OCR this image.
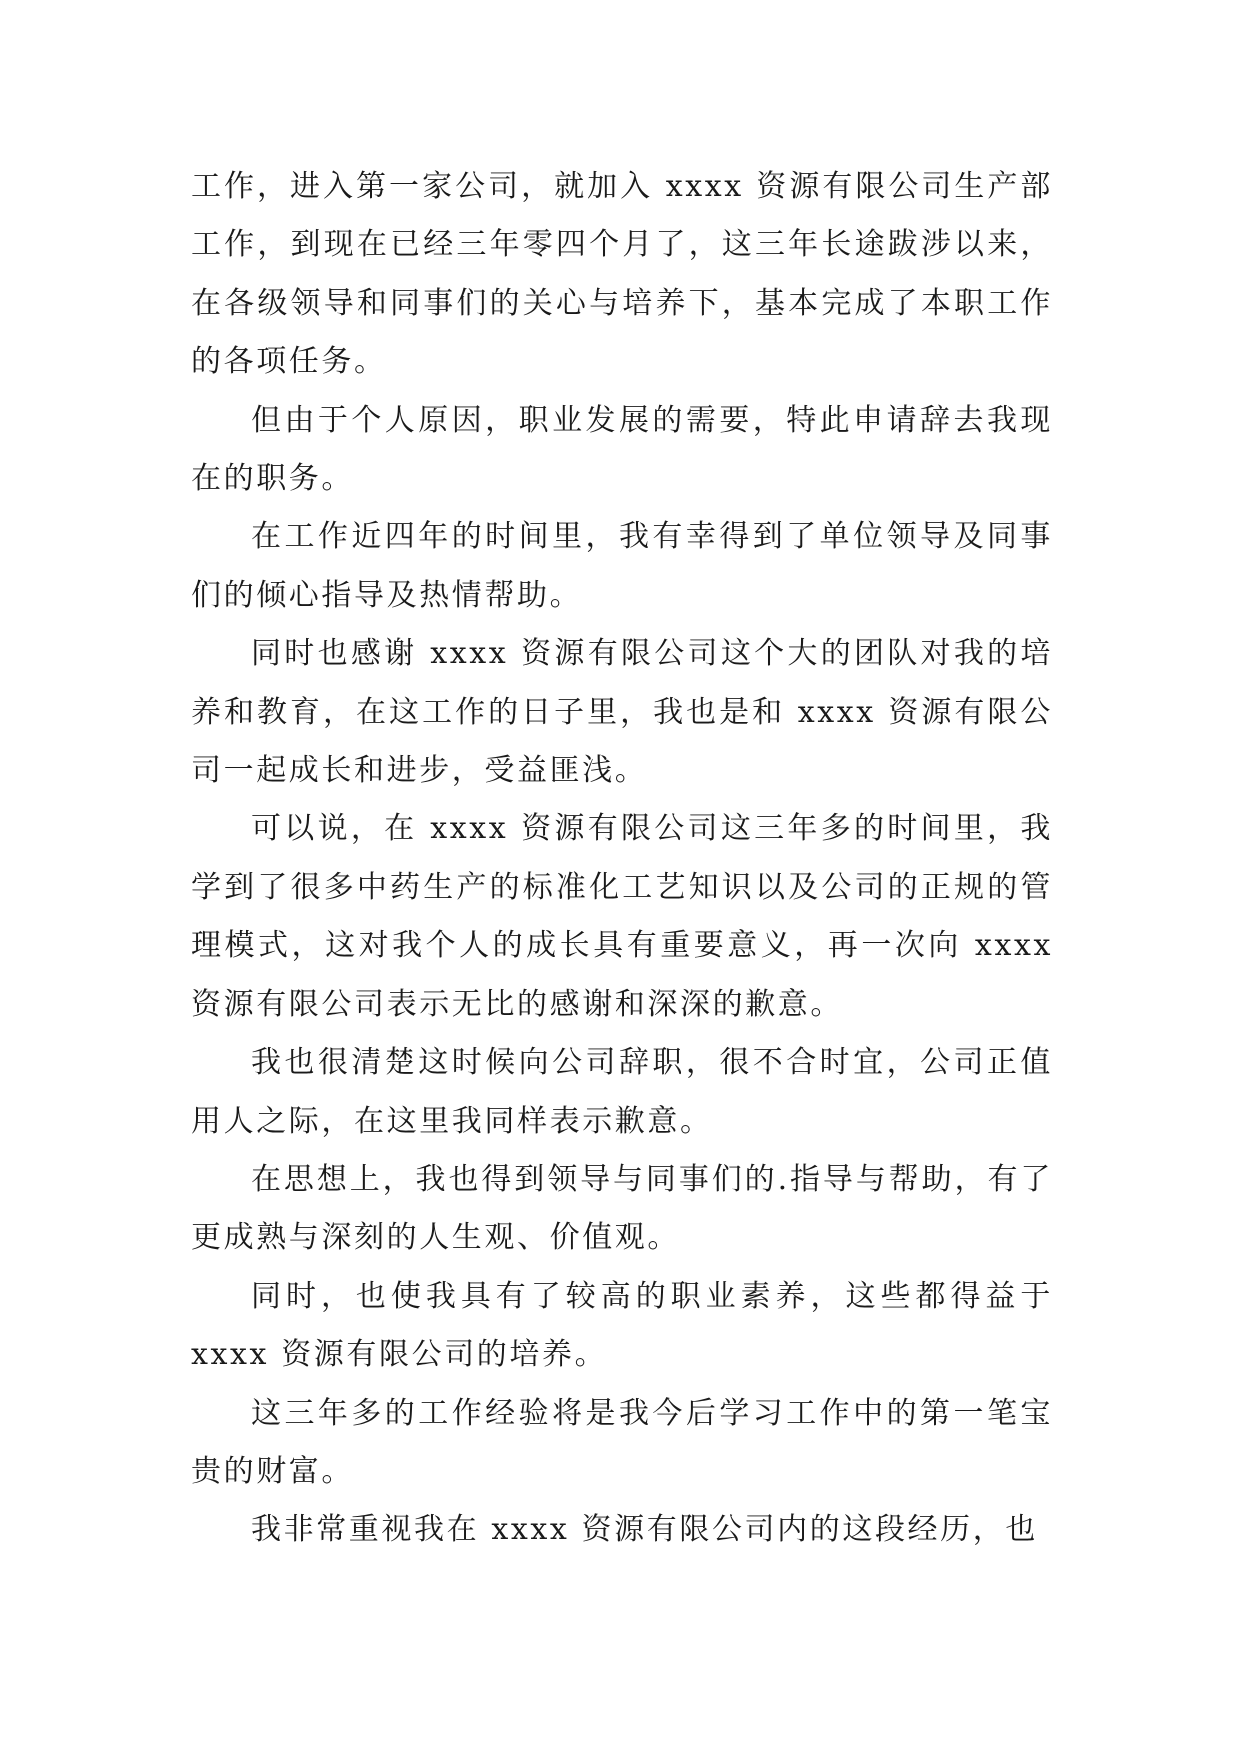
工作，进入第一家公司，就加入 xxxx 资源有限公司生产部工作，到现在已经三年零四个月了，这三年长途跋涉以来，在各级领导和同事们的关心与培养下，基本完成了本职工作的各项任务。

但由于个人原因，职业发展的需要，特此申请辞去我现在的职务。

在工作近四年的时间里，我有幸得到了单位领导及同事们的倾心指导及热情帮助。

同时也感谢 xxxx 资源有限公司这个大的团队对我的培养和教育，在这工作的日子里，我也是和 xxxx 资源有限公司一起成长和进步，受益匪浅。

可以说，在 xxxx 资源有限公司这三年多的时间里，我学到了很多中药生产的标准化工艺知识以及公司的正规的管理模式，这对我个人的成长具有重要意义，再一次向 xxxx 资源有限公司表示无比的感谢和深深的歉意。

我也很清楚这时候向公司辞职，很不合时宜，公司正值用人之际，在这里我同样表示歉意。

在思想上，我也得到领导与同事们的.指导与帮助，有了更成熟与深刻的人生观、价值观。

同时，也使我具有了较高的职业素养，这些都得益于 xxxx 资源有限公司的培养。

这三年多的工作经验将是我今后学习工作中的第一笔宝贵的财富。

我非常重视我在 xxxx 资源有限公司内的这段经历，也
